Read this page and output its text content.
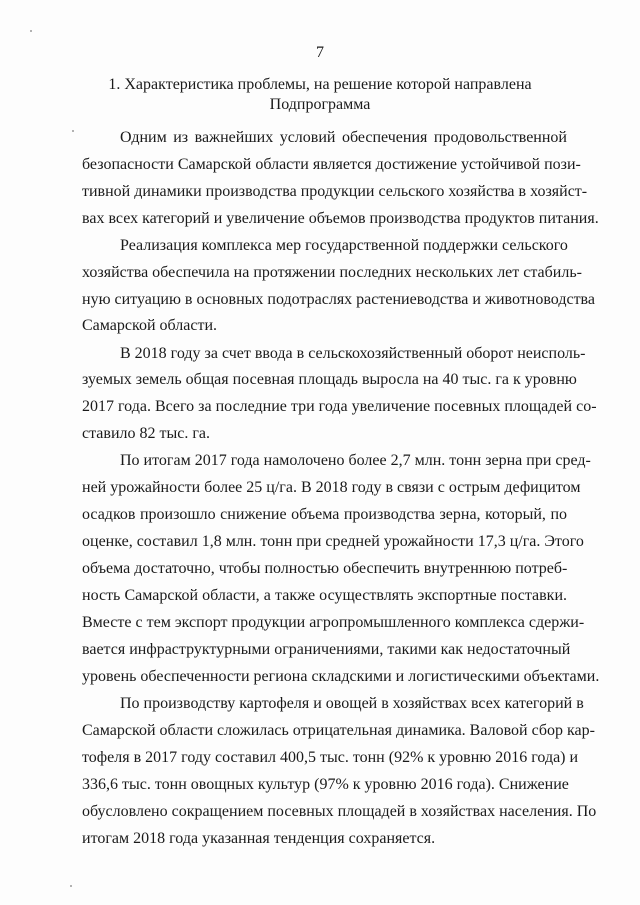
7
1. Характеристика проблемы, на решение которой направлена
Подпрограмма
Одним из важнейших условий обеспечения продовольственной
безопасности Самарской области является достижение устойчивой пози-
тивной динамики производства продукции сельского хозяйства в хозяйст-
вах всех категорий и увеличение объемов производства продуктов питания.
Реализация комплекса мер государственной поддержки сельского
хозяйства обеспечила на протяжении последних нескольких лет стабиль-
ную ситуацию в основных подотраслях растениеводства и животноводства
Самарской области.
В 2018 году за счет ввода в сельскохозяйственный оборот неисполь-
зуемых земель общая посевная площадь выросла на 40 тыс. га к уровню
2017 года. Всего за последние три года увеличение посевных площадей со-
ставило 82 тыс. га.
По итогам 2017 года намолочено более 2,7 млн. тонн зерна при сред-
ней урожайности более 25 ц/га. В 2018 году в связи с острым дефицитом
осадков произошло снижение объема производства зерна, который, по
оценке, составил 1,8 млн. тонн при средней урожайности 17,3 ц/га. Этого
объема достаточно, чтобы полностью обеспечить внутреннюю потреб-
ность Самарской области, а также осуществлять экспортные поставки.
Вместе с тем экспорт продукции агропромышленного комплекса сдержи-
вается инфраструктурными ограничениями, такими как недостаточный
уровень обеспеченности региона складскими и логистическими объектами.
По производству картофеля и овощей в хозяйствах всех категорий в
Самарской области сложилась отрицательная динамика. Валовой сбор кар-
тофеля в 2017 году составил 400,5 тыс. тонн (92% к уровню 2016 года) и
336,6 тыс. тонн овощных культур (97% к уровню 2016 года). Снижение
обусловлено сокращением посевных площадей в хозяйствах населения. По
итогам 2018 года указанная тенденция сохраняется.
